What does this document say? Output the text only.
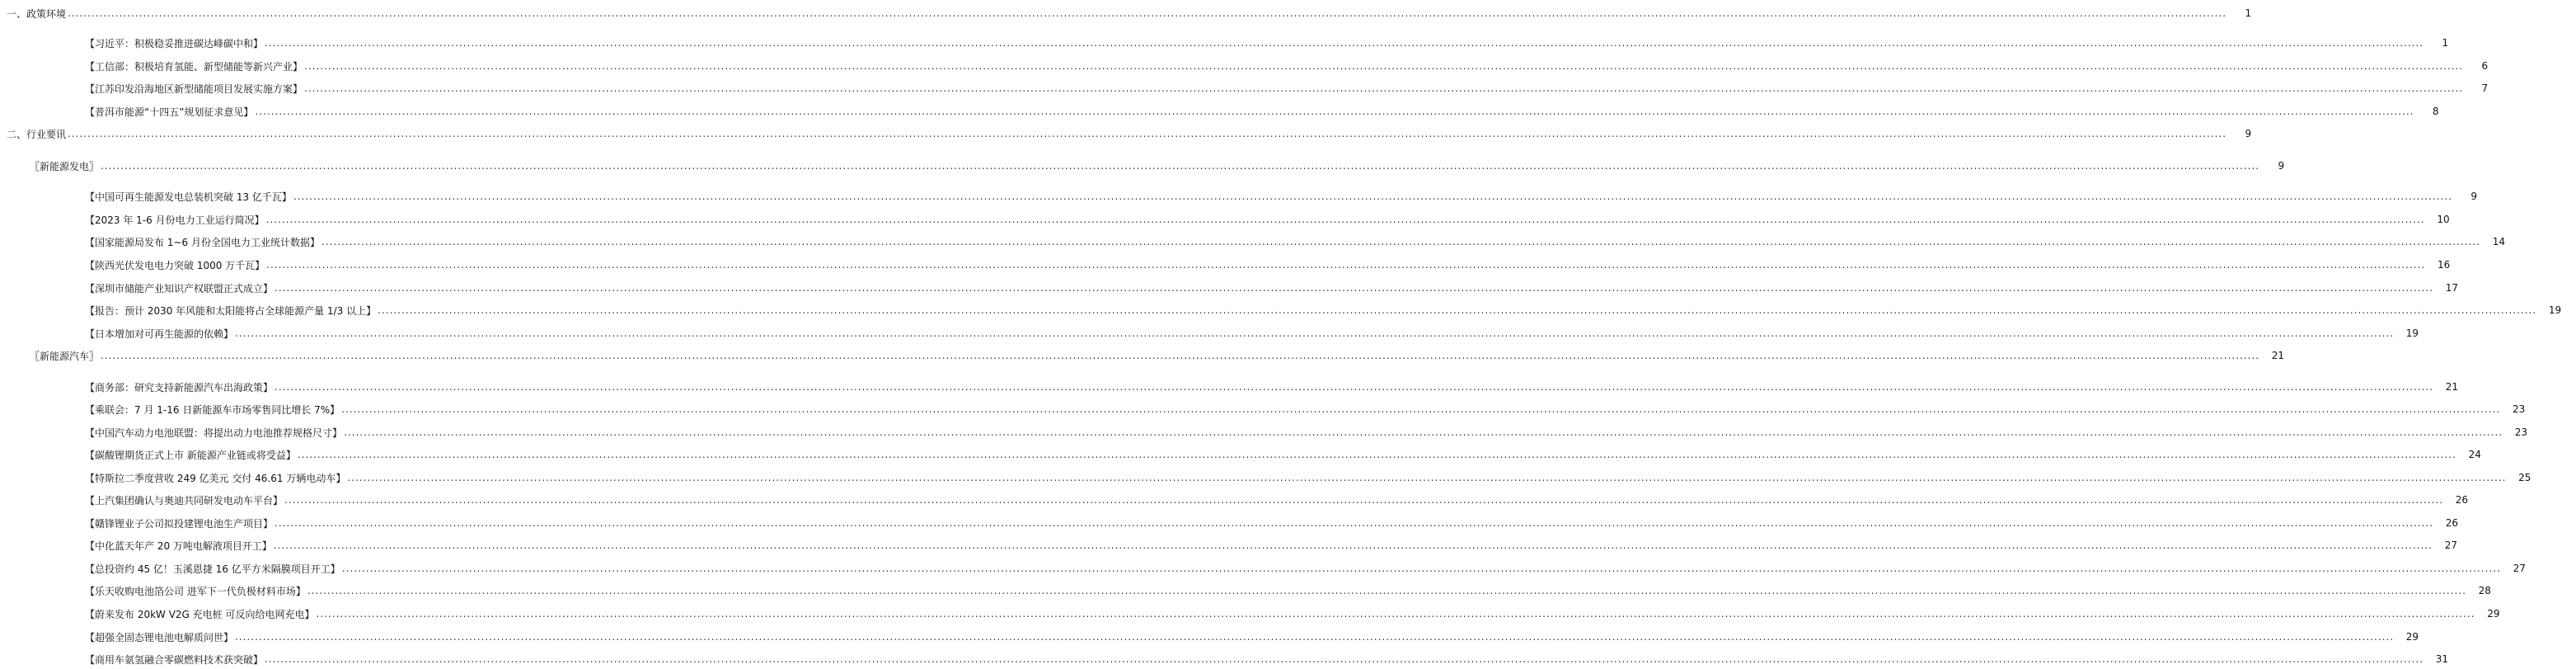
一、政策环境 .....	1
【习近平：积极稳妥推进碳达峰碳中和】 .....	1
【工信部：积极培育氢能、新型储能等新兴产业】 .....	6
【江苏印发沿海地区新型储能项目发展实施方案】 .....	7
【普洱市能源“十四五”规划征求意见】 .....	8
二、行业要讯 .....	9
〖新能源发电〗 .....	9
【中国可再生能源发电总装机突破 13 亿千瓦】 .....	9
【2023 年 1-6 月份电力工业运行简况】 .....	10
【国家能源局发布 1~6 月份全国电力工业统计数据】 .....	14
【陕西光伏发电电力突破 1000 万千瓦】 .....	16
【深圳市储能产业知识产权联盟正式成立】 .....	17
【报告：预计 2030 年风能和太阳能将占全球能源产量 1/3 以上】 .....	19
【日本增加对可再生能源的依赖】 .....	19
〖新能源汽车〗 .....	21
【商务部：研究支持新能源汽车出海政策】 .....	21
【乘联会：7 月 1-16 日新能源车市场零售同比增长 7%】 .....	23
【中国汽车动力电池联盟：将提出动力电池推荐规格尺寸】 .....	23
【碳酸锂期货正式上市 新能源产业链或将受益】 .....	24
【特斯拉二季度营收 249 亿美元 交付 46.61 万辆电动车】 .....	25
【上汽集团确认与奥迪共同研发电动车平台】 .....	26
【赣锋锂业子公司拟投建锂电池生产项目】 .....	26
【中化蓝天年产 20 万吨电解液项目开工】 .....	27
【总投资约 45 亿！玉溪恩捷 16 亿平方米隔膜项目开工】 .....	27
【乐天收购电池箔公司 进军下一代负极材料市场】 .....	28
【蔚来发布 20kW V2G 充电桩 可反向给电网充电】 .....	29
【超强全固态锂电池电解质问世】 .....	29
【商用车氨氢融合零碳燃料技术获突破】 .....	31
